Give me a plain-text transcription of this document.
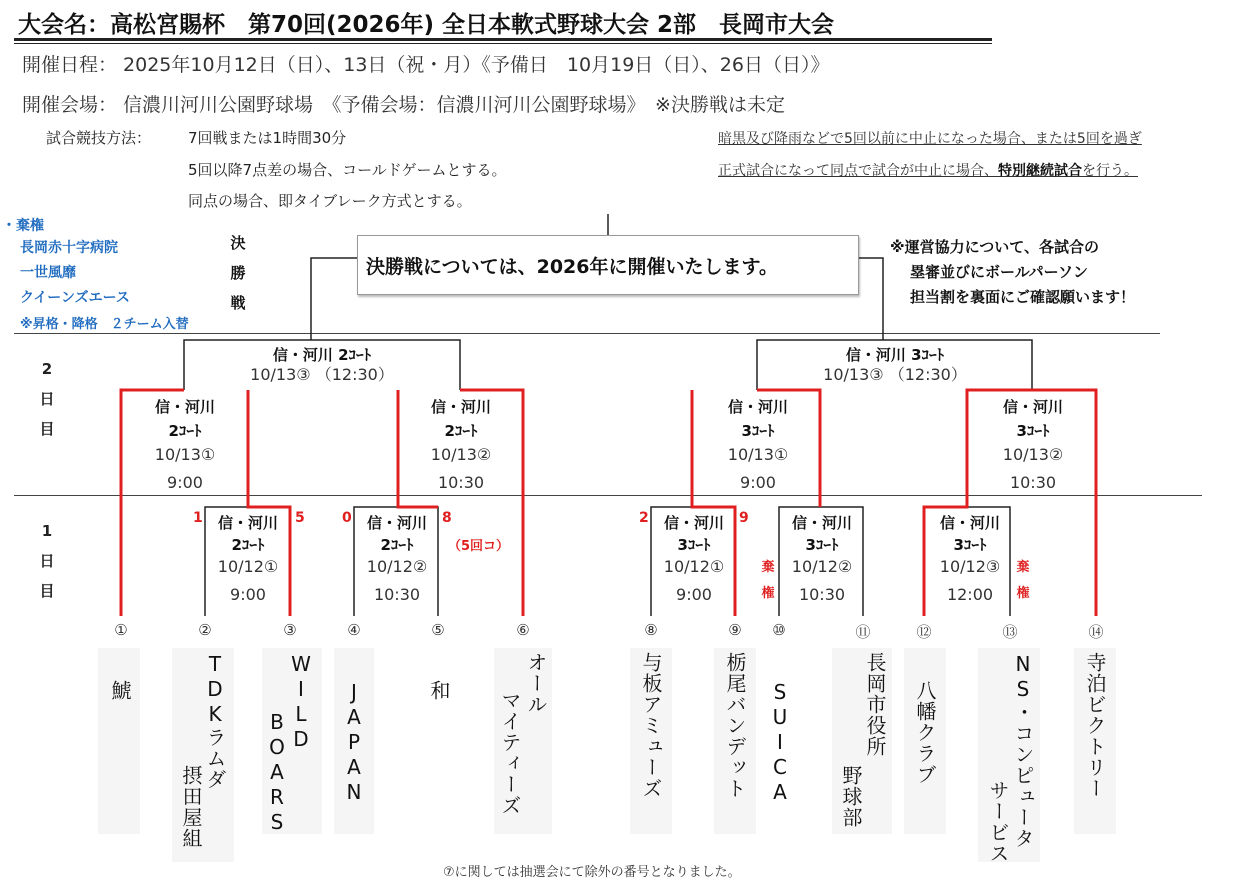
大会名：高松宮賜杯　第70回(2026年) 全日本軟式野球大会 2部　長岡市大会
開催日程： 2025年10月12日（日）、13日（祝・月）《予備日　10月19日（日）、26日（日）》
開催会場： 信濃川河川公園野球場　《予備会場：信濃川河川公園野球場》　※決勝戦は未定
試合競技方法： 7回戦または1時間30分
5回以降7点差の場合、コールドゲームとする。
同点の場合、即タイブレーク方式とする。
暗黒及び降雨などで5回以前に中止になった場合、または5回を過ぎ
正式試合になって同点で試合が中止に場合、特別継続試合を行う。
・棄権
長岡赤十字病院
一世風靡
クイーンズエース
※昇格・降格　２チーム入替
決勝戦
決勝戦については、2026年に開催いたします。
※運営協力について、各試合の
塁審並びにボールパーソン
担当割を裏面にご確認願います！
2日目
1日目
信・河川 2ｺｰﾄ
10/13③ （12:30）
信・河川 3ｺｰﾄ
10/13③ （12:30）
信・河川
2ｺｰﾄ
10/13①
9:00
信・河川
2ｺｰﾄ
10/13②
10:30
信・河川
3ｺｰﾄ
10/13①
9:00
信・河川
3ｺｰﾄ
10/13②
10:30
信・河川
2ｺｰﾄ
10/12①
9:00
信・河川
2ｺｰﾄ
10/12②
10:30
信・河川
3ｺｰﾄ
10/12①
9:00
信・河川
3ｺｰﾄ
10/12②
10:30
信・河川
3ｺｰﾄ
10/12③
12:00
1	5	0	8
（5回コ）
2	9
棄権
棄権
①	②	③	④	⑤	⑥	⑧	⑨	⑩	⑪	⑫	⑬	⑭
鯱	TDKラムダ
摂田屋組
WILD
BOARS	JAPAN	和	オール
マイティーズ	与板アミューズ	栃尾バンデット SUICA	長岡市役所
野球部
八幡クラブ	NS・コンピュータ
サービス
寺泊ビクトリー
⑦に関しては抽選会にて除外の番号となりました。
